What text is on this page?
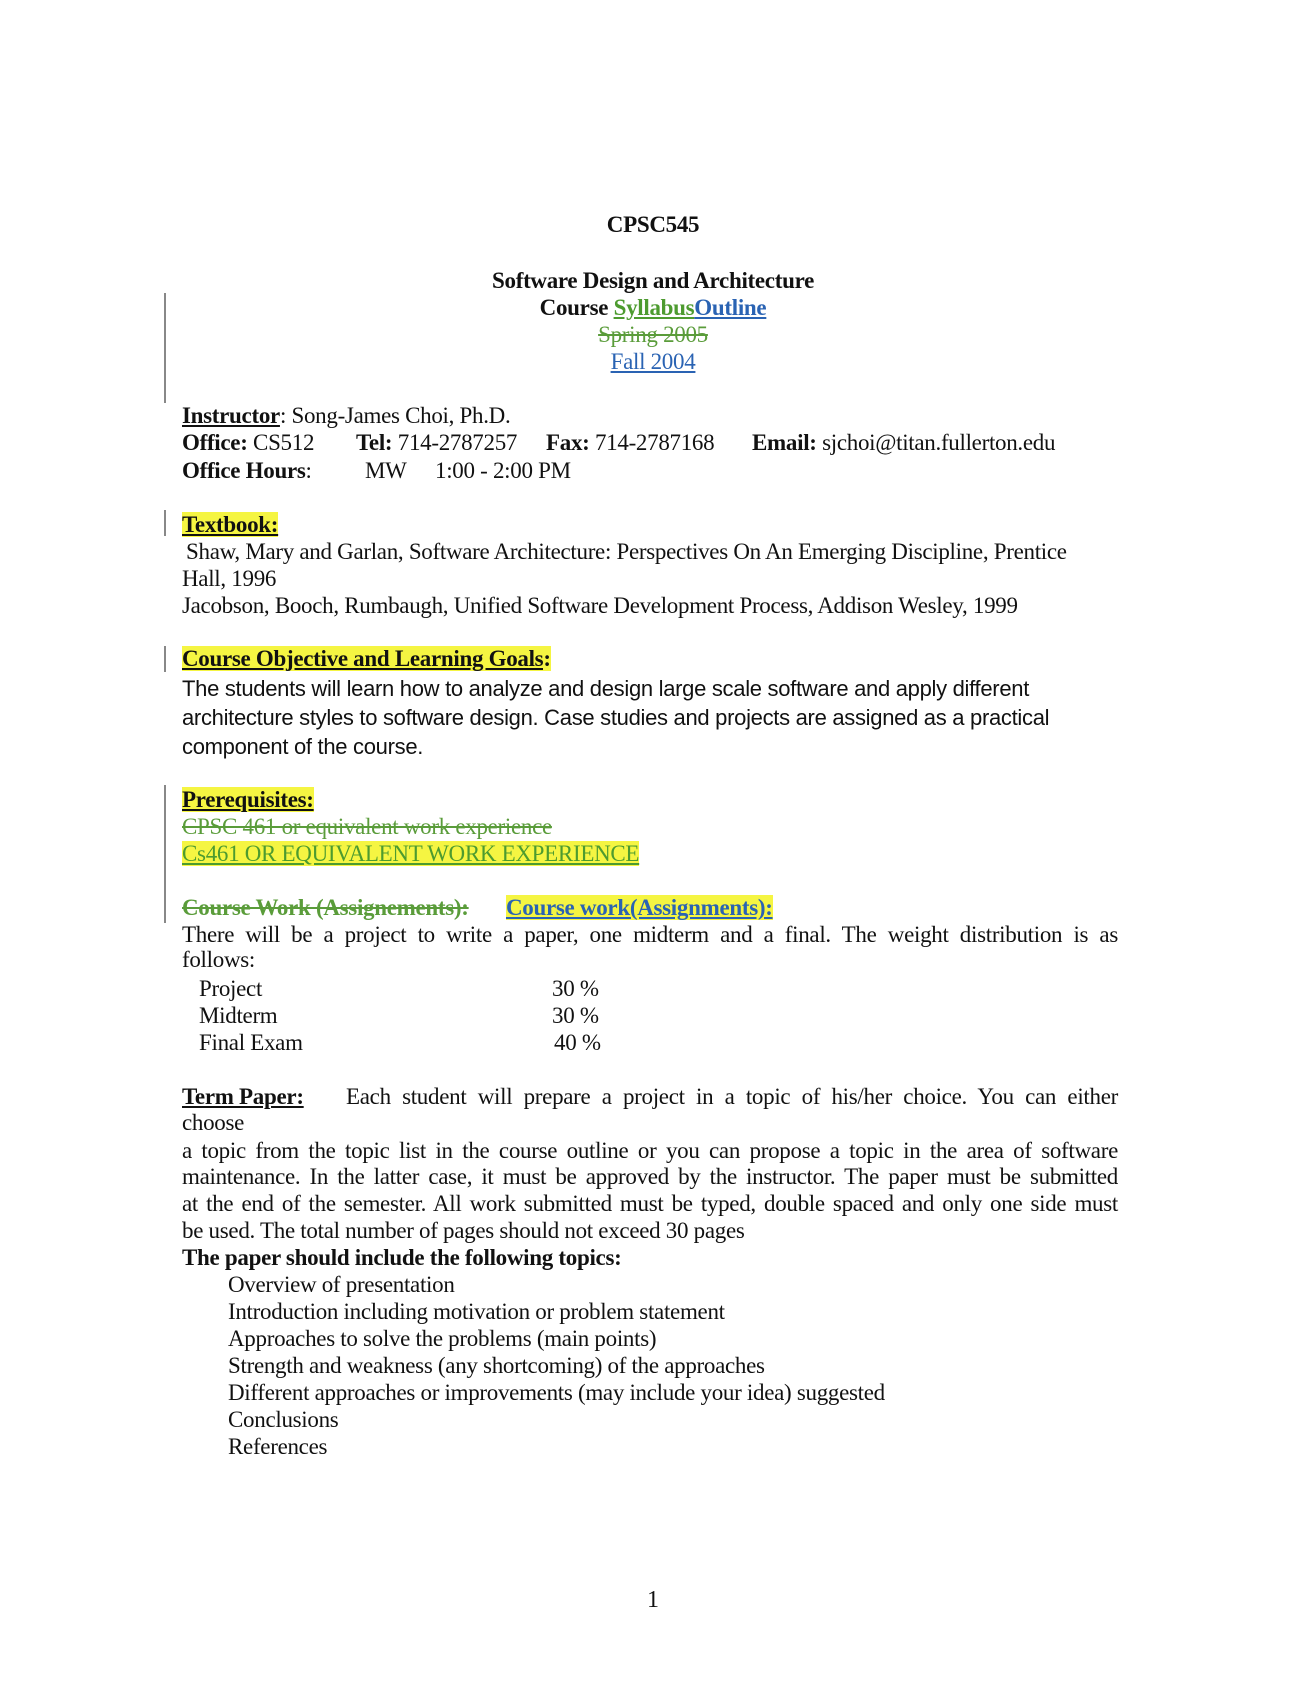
CPSC545
Software Design and Architecture
Course SyllabusOutline
Spring 2005
Fall 2004
Instructor: Song-James Choi, Ph.D.
Office: CS512 Tel: 714-2787257 Fax: 714-2787168 Email: sjchoi@titan.fullerton.edu
Office Hours: MW 1:00 - 2:00 PM
Textbook:
Shaw, Mary and Garlan, Software Architecture: Perspectives On An Emerging Discipline, Prentice
Hall, 1996
Jacobson, Booch, Rumbaugh, Unified Software Development Process, Addison Wesley, 1999
Course Objective and Learning Goals:
The students will learn how to analyze and design large scale software and apply different
architecture styles to software design. Case studies and projects are assigned as a practical
component of the course.
Prerequisites:
CPSC 461 or equivalent work experience
Cs461 OR EQUIVALENT WORK EXPERIENCE
Course Work (Assignements): Course work(Assignments):
There will be a project to write a paper, one midterm and a final. The weight distribution is as
follows:
Project	30 %
Midterm	30 %
Final Exam	40 %
Term Paper: Each student will prepare a project in a topic of his/her choice. You can either
choose
a topic from the topic list in the course outline or you can propose a topic in the area of software
maintenance. In the latter case, it must be approved by the instructor. The paper must be submitted
at the end of the semester. All work submitted must be typed, double spaced and only one side must
be used. The total number of pages should not exceed 30 pages
The paper should include the following topics:
Overview of presentation
Introduction including motivation or problem statement
Approaches to solve the problems (main points)
Strength and weakness (any shortcoming) of the approaches
Different approaches or improvements (may include your idea) suggested
Conclusions
References
1
